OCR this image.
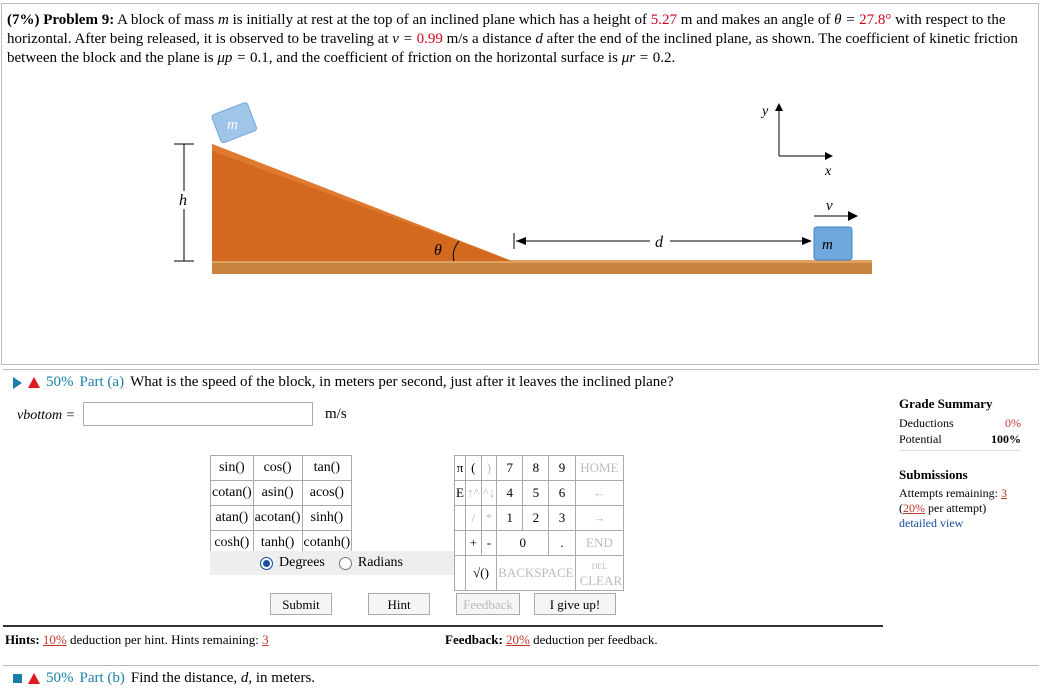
(7%) Problem 9: A block of mass m is initially at rest at the top of an inclined plane which has a height of 5.27 m and makes an angle of θ = 27.8° with respect to the horizontal. After being released, it is observed to be traveling at v = 0.99 m/s a distance d after the end of the inclined plane, as shown. The coefficient of kinetic friction between the block and the plane is μp = 0.1, and the coefficient of friction on the horizontal surface is μr = 0.2.
m
h
θ	d	m
v
y
x
50% Part (a) What is the speed of the block, in meters per second, just after it leaves the inclined plane?
vbottom =	m/s
sin()	cos()	tan()
cotan()	asin()	acos()
atan()	acotan()	sinh()
cosh()	tanh()	cotanh()
Degrees Radians
π	(	)	7	8	9	HOME
E	↑^	^↓	4	5	6	←
	/	*	1	2	3	→
	+	-	0		.	END
	√()		BACKSPACE			DEL CLEAR
Submit	Hint	Feedback	I give up!
Hints: 10% deduction per hint. Hints remaining: 3	Feedback: 20% deduction per feedback.
Grade Summary
Deductions	0%
Potential	100%
Submissions
Attempts remaining: 3
(20% per attempt)
detailed view
50% Part (b) Find the distance, d, in meters.
